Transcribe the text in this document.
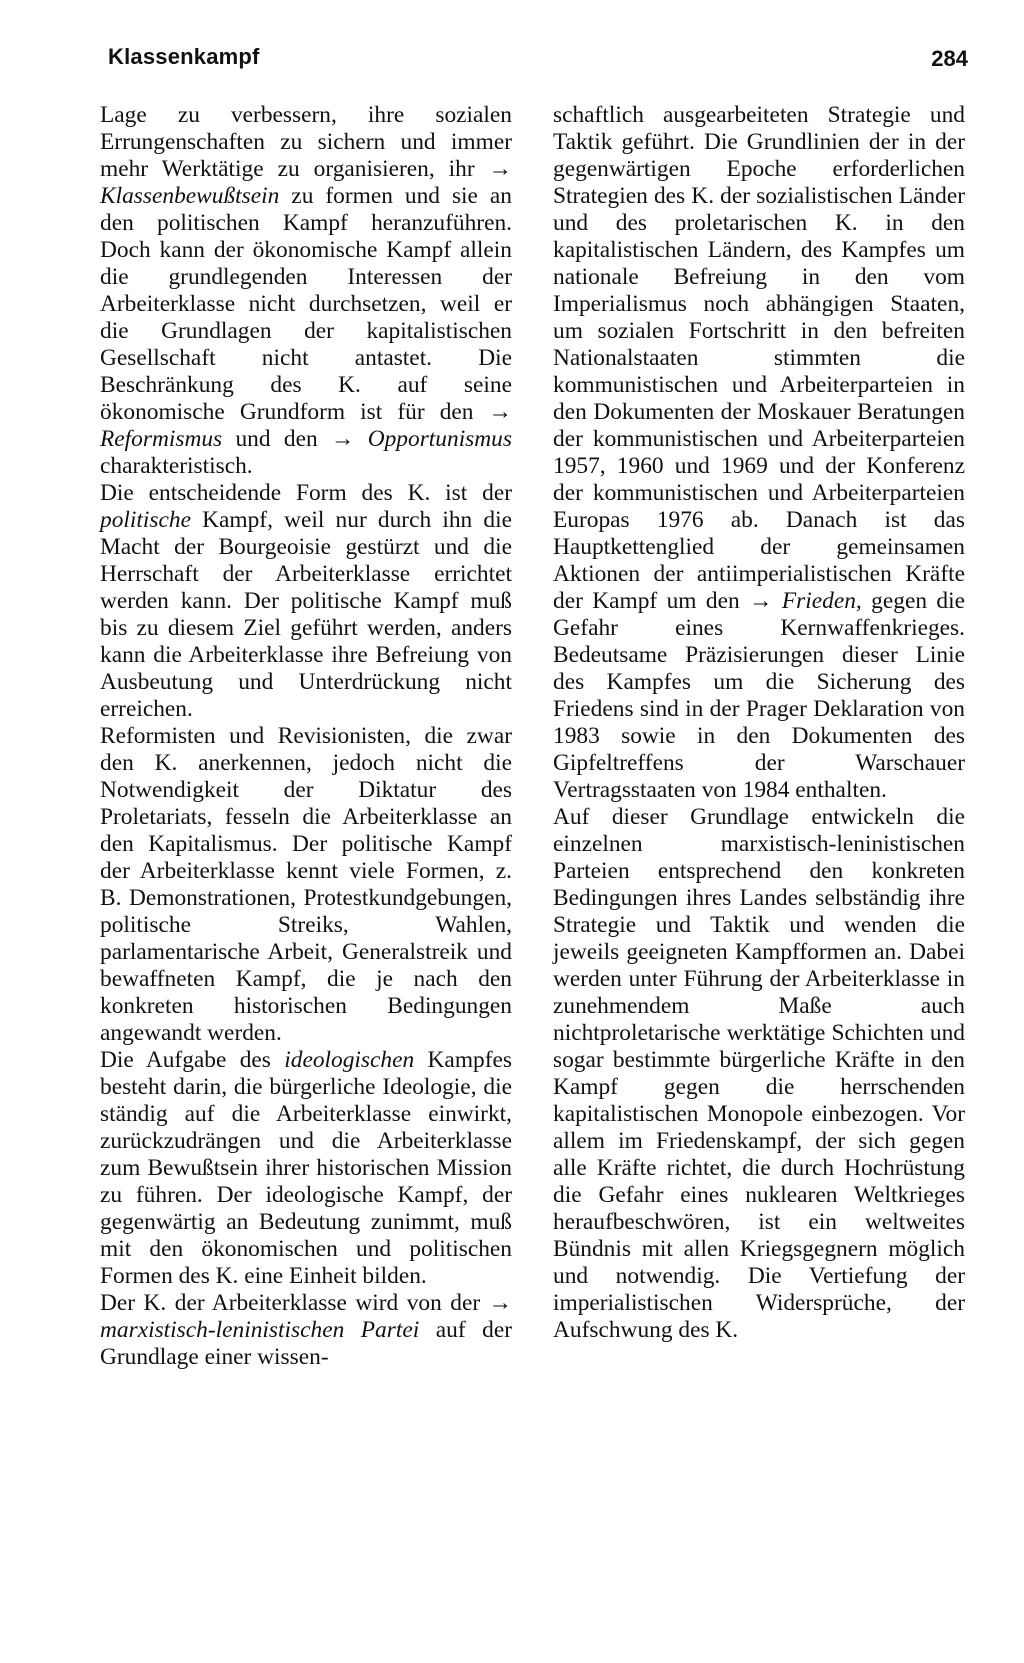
Klassenkampf	284

Lage zu verbessern, ihre sozialen Errungenschaften zu sichern und immer mehr Werktätige zu organisieren, ihr → Klassenbewußtsein zu formen und sie an den politischen Kampf heranzuführen. Doch kann der ökonomische Kampf allein die grundlegenden Interessen der Arbeiterklasse nicht durchsetzen, weil er die Grundlagen der kapitalistischen Gesellschaft nicht antastet. Die Beschränkung des K. auf seine ökonomische Grundform ist für den → Reformismus und den → Opportunismus charakteristisch.

Die entscheidende Form des K. ist der politische Kampf, weil nur durch ihn die Macht der Bourgeoisie gestürzt und die Herrschaft der Arbeiterklasse errichtet werden kann. Der politische Kampf muß bis zu diesem Ziel geführt werden, anders kann die Arbeiterklasse ihre Befreiung von Ausbeutung und Unterdrückung nicht erreichen.

Reformisten und Revisionisten, die zwar den K. anerkennen, jedoch nicht die Notwendigkeit der Diktatur des Proletariats, fesseln die Arbeiterklasse an den Kapitalismus. Der politische Kampf der Arbeiterklasse kennt viele Formen, z. B. Demonstrationen, Protestkundgebungen, politische Streiks, Wahlen, parlamentarische Arbeit, Generalstreik und bewaffneten Kampf, die je nach den konkreten historischen Bedingungen angewandt werden.

Die Aufgabe des ideologischen Kampfes besteht darin, die bürgerliche Ideologie, die ständig auf die Arbeiterklasse einwirkt, zurückzudrängen und die Arbeiterklasse zum Bewußtsein ihrer historischen Mission zu führen. Der ideologische Kampf, der gegenwärtig an Bedeutung zunimmt, muß mit den ökonomischen und politischen Formen des K. eine Einheit bilden.

Der K. der Arbeiterklasse wird von der → marxistisch-leninistischen Partei auf der Grundlage einer wissen-

schaftlich ausgearbeiteten Strategie und Taktik geführt. Die Grundlinien der in der gegenwärtigen Epoche erforderlichen Strategien des K. der sozialistischen Länder und des proletarischen K. in den kapitalistischen Ländern, des Kampfes um nationale Befreiung in den vom Imperialismus noch abhängigen Staaten, um sozialen Fortschritt in den befreiten Nationalstaaten stimmten die kommunistischen und Arbeiterparteien in den Dokumenten der Moskauer Beratungen der kommunistischen und Arbeiterparteien 1957, 1960 und 1969 und der Konferenz der kommunistischen und Arbeiterparteien Europas 1976 ab. Danach ist das Hauptkettenglied der gemeinsamen Aktionen der antiimperialistischen Kräfte der Kampf um den → Frieden, gegen die Gefahr eines Kernwaffenkrieges. Bedeutsame Präzisierungen dieser Linie des Kampfes um die Sicherung des Friedens sind in der Prager Deklaration von 1983 sowie in den Dokumenten des Gipfeltreffens der Warschauer Vertragsstaaten von 1984 enthalten.

Auf dieser Grundlage entwickeln die einzelnen marxistisch-leninistischen Parteien entsprechend den konkreten Bedingungen ihres Landes selbständig ihre Strategie und Taktik und wenden die jeweils geeigneten Kampfformen an. Dabei werden unter Führung der Arbeiterklasse in zunehmendem Maße auch nichtproletarische werktätige Schichten und sogar bestimmte bürgerliche Kräfte in den Kampf gegen die herrschenden kapitalistischen Monopole einbezogen. Vor allem im Friedenskampf, der sich gegen alle Kräfte richtet, die durch Hochrüstung die Gefahr eines nuklearen Weltkrieges heraufbeschwören, ist ein weltweites Bündnis mit allen Kriegsgegnern möglich und notwendig. Die Vertiefung der imperialistischen Widersprüche, der Aufschwung des K.
